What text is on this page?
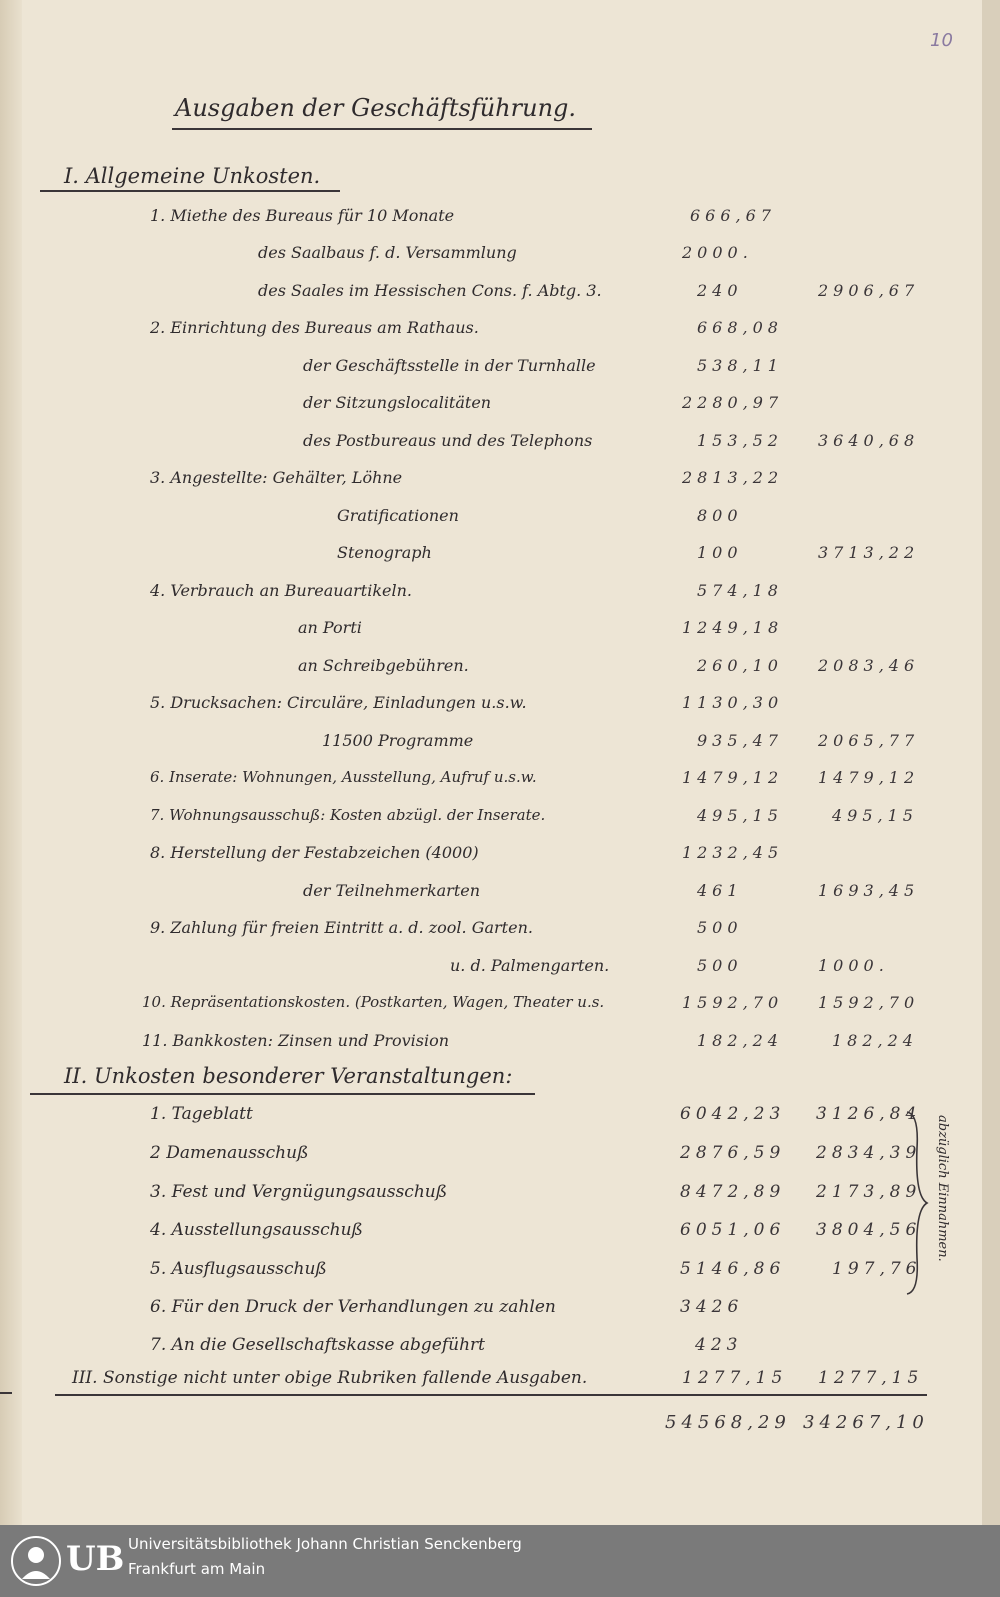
10
Ausgaben der Geschäftsführung.
I. Allgemeine Unkosten.
1. Miethe des Bureaus für 10 Monate	666,67
des Saalbaus f. d. Versammlung	2000.
des Saales im Hessischen Cons. f. Abtg. 3.	240	2906,67
2. Einrichtung des Bureaus am Rathaus.	668,08
der Geschäftsstelle in der Turnhalle	538,11
der Sitzungslocalitäten	2280,97
des Postbureaus und des Telephons	153,52 3640,68
3. Angestellte: Gehälter, Löhne	2813,22
Gratificationen	800
Stenograph	100	3713,22
4. Verbrauch an Bureauartikeln.	574,18
an Porti	1249,18
an Schreibgebühren.	260,10 2083,46
5. Drucksachen: Circuläre, Einladungen u.s.w.	1130,30
11500 Programme	935,47 2065,77
6. Inserate: Wohnungen, Ausstellung, Aufruf u.s.w.	1479,12 1479,12
7. Wohnungsausschuß: Kosten abzügl. der Inserate.	495,15	495,15
8. Herstellung der Festabzeichen (4000)	1232,45
der Teilnehmerkarten	461	1693,45
9. Zahlung für freien Eintritt a. d. zool. Garten.	500
u. d. Palmengarten.	500	1000.
10. Repräsentationskosten. (Postkarten, Wagen, Theater u.s.	1592,70 1592,70
11. Bankkosten: Zinsen und Provision	182,24	182,24
II. Unkosten besonderer Veranstaltungen:
1. Tageblatt	6042,23 3126,84
2 Damenausschuß	2876,59 2834,39
3. Fest und Vergnügungsausschuß	8472,89 2173,89
4. Ausstellungsausschuß	6051,06 3804,56
5. Ausflugsausschuß	5146,86	197,76
6. Für den Druck der Verhandlungen zu zahlen	3426
7. An die Gesellschaftskasse abgeführt	423
abzüglich Einnahmen.
III. Sonstige nicht unter obige Rubriken fallende Ausgaben.	1277,15 1277,15
54568,29 34267,10
UB Universitätsbibliothek Johann Christian Senckenberg
Frankfurt am Main
